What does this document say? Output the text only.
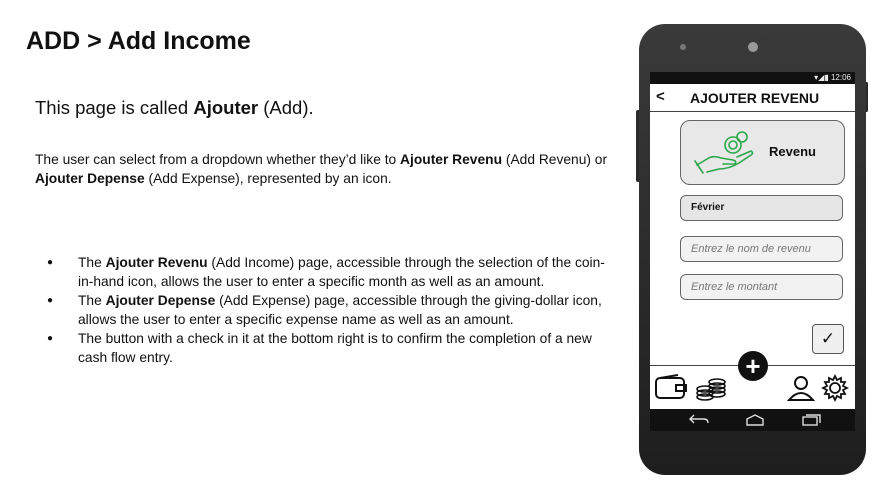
ADD > Add Income

This page is called Ajouter (Add).

The user can select from a dropdown whether they’d like to Ajouter Revenu (Add Revenu) or Ajouter Depense (Add Expense), represented by an icon.

● The Ajouter Revenu (Add Income) page, accessible through the selection of the coin-in-hand icon, allows the user to enter a specific month as well as an amount.
● The Ajouter Depense (Add Expense) page, accessible through the giving-dollar icon, allows the user to enter a specific expense name as well as an amount.
● The button with a check in it at the bottom right is to confirm the completion of a new cash flow entry.
▾◢▮ 12:06
< AJOUTER REVENU
Revenu
Février
Entrez le nom de revenu
Entrez le montant
✓
+
